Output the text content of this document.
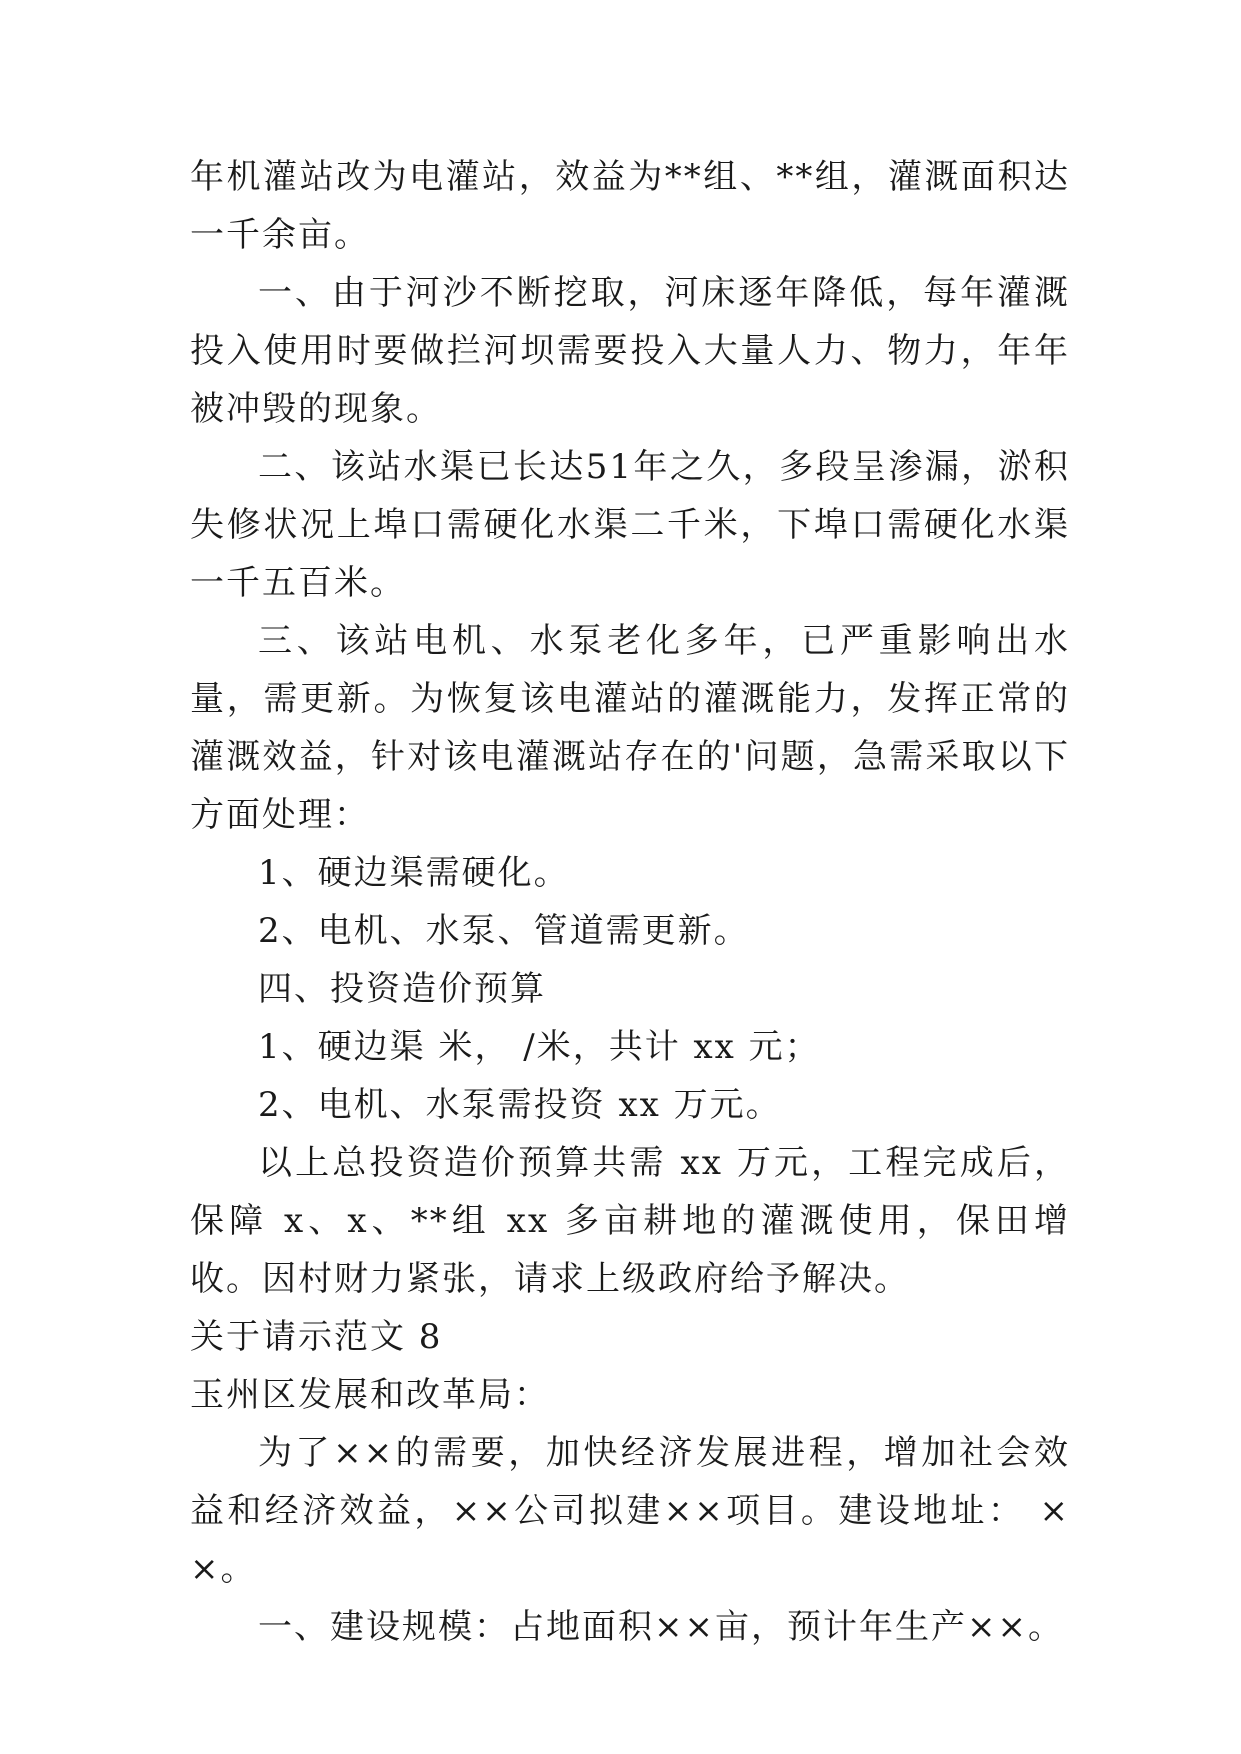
年机灌站改为电灌站，效益为**组、**组，灌溉面积达一千余亩。

一、由于河沙不断挖取，河床逐年降低，每年灌溉投入使用时要做拦河坝需要投入大量人力、物力，年年被冲毁的现象。

二、该站水渠已长达51年之久，多段呈渗漏，淤积失修状况上埠口需硬化水渠二千米，下埠口需硬化水渠一千五百米。

三、该站电机、水泵老化多年，已严重影响出水量，需更新。为恢复该电灌站的灌溉能力，发挥正常的灌溉效益，针对该电灌溉站存在的'问题，急需采取以下方面处理：

1、硬边渠需硬化。

2、电机、水泵、管道需更新。

四、投资造价预算

1、硬边渠 米， /米，共计 xx 元；

2、电机、水泵需投资 xx 万元。

以上总投资造价预算共需 xx 万元，工程完成后，保障 x、x、**组 xx 多亩耕地的灌溉使用，保田增收。因村财力紧张，请求上级政府给予解决。

关于请示范文 8

玉州区发展和改革局：

为了××的需要，加快经济发展进程，增加社会效益和经济效益，××公司拟建××项目。建设地址： ××。

一、建设规模：占地面积××亩，预计年生产××。
